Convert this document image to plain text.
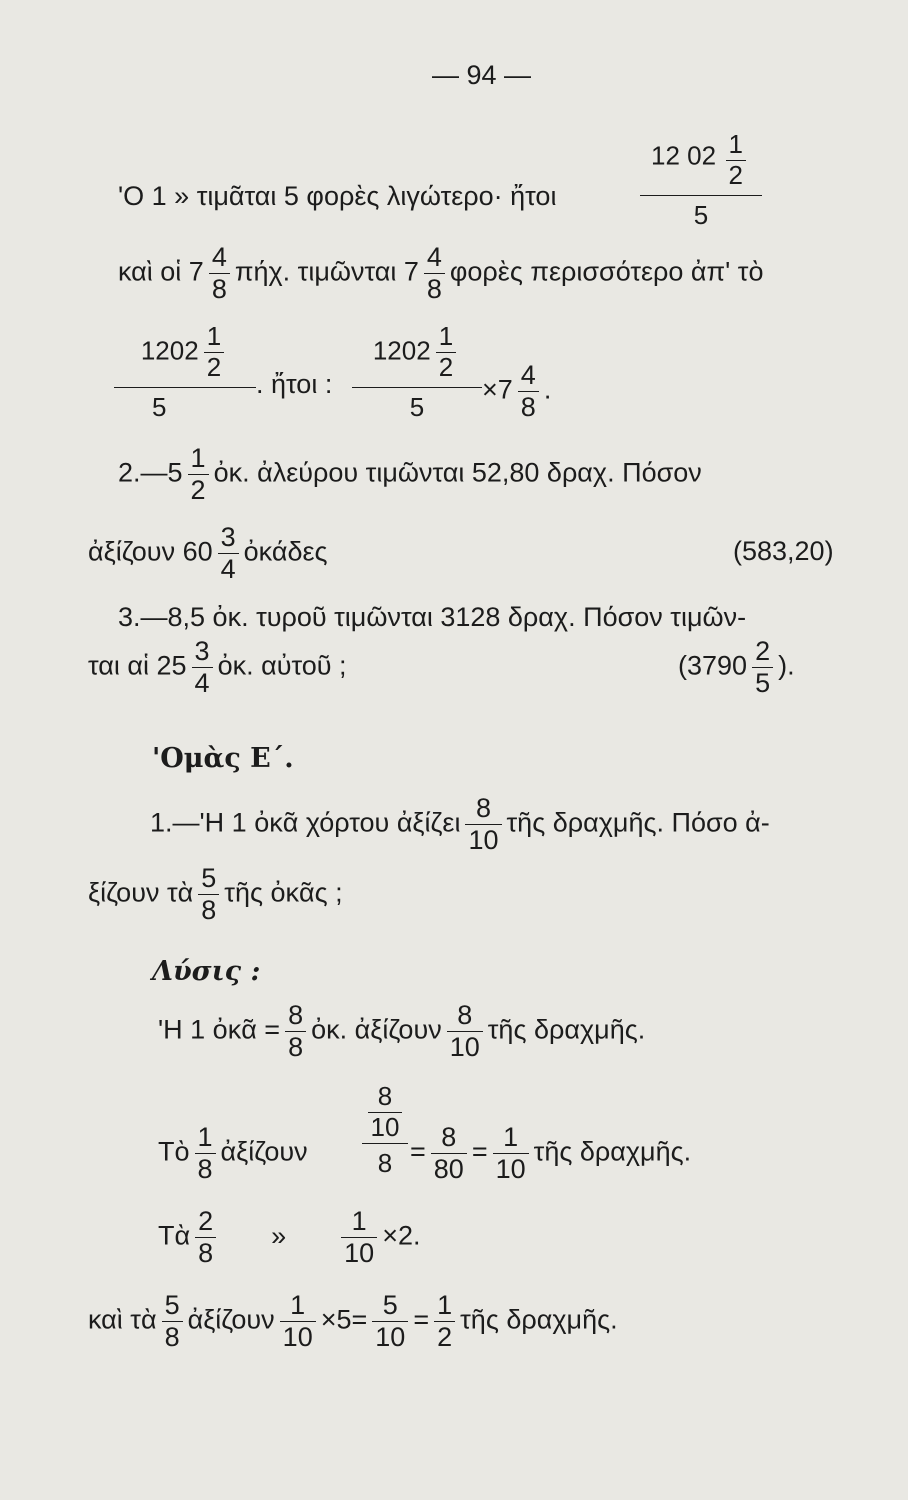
— 94 —
'Ο 1 » τιμᾶται 5 φορὲς λιγώτερο· ἤτοι
12 $02 \frac{1}{2}$
5
καὶ οἱ $7 \frac{4}{8} \pi ή\chi$. τιμῶνται $7 \frac{4}{8}$ φορὲς περισσότερο ἀπ' τὸ
$\frac{1202 \frac{1}{2}}{5}$ . ἤτοι : $\frac{1202 \frac{1}{2}}{5} \times 7 \frac{4}{8}$ .
2.—5 $\frac{1}{2}$ ὀκ. ἀλεύρου τιμῶνται 52,80 δραχ. Πόσον
ἀξίζουν $60 \frac{3}{4}$ ὀκάδες	(583,20)
3.—8,5 ὀκ. τυροῦ τιμῶνται 3128 δραχ. Πόσον τιμῶν-
ται αἱ $25 \frac{3}{4}$ ὀκ. αὐτοῦ ;	($3790 \frac{2}{5}$ ).
'Ομὰς Ε΄.
1.—'Η 1 ὀκᾶ χόρτου ἀξίζει $\frac{8}{10}$ τῆς δραχμῆς. Πόσο ἀ-
ξίζουν τὰ $\frac{5}{8}$ τῆς ὀκᾶς ;
Λύσις :
'Η 1 ὀκᾶ = $\frac{8}{8}$ ὀκ. ἀξίζουν $\frac{8}{10}$ τῆς δραχμῆς.
Τὸ $\frac{1}{8}$ ἀξίζουν $\frac{\frac{8}{10}}{8} = \frac{8}{80} = \frac{1}{10}$ τῆς δραχμῆς.
Τὰ $\frac{2}{8}$ » $\frac{1}{10} \times 2$.
καὶ τὰ $\frac{5}{8}$ ἀξίζουν $\frac{1}{10} \times 5= \frac{5}{10} = \frac{1}{2}$ τῆς δραχμῆς.
